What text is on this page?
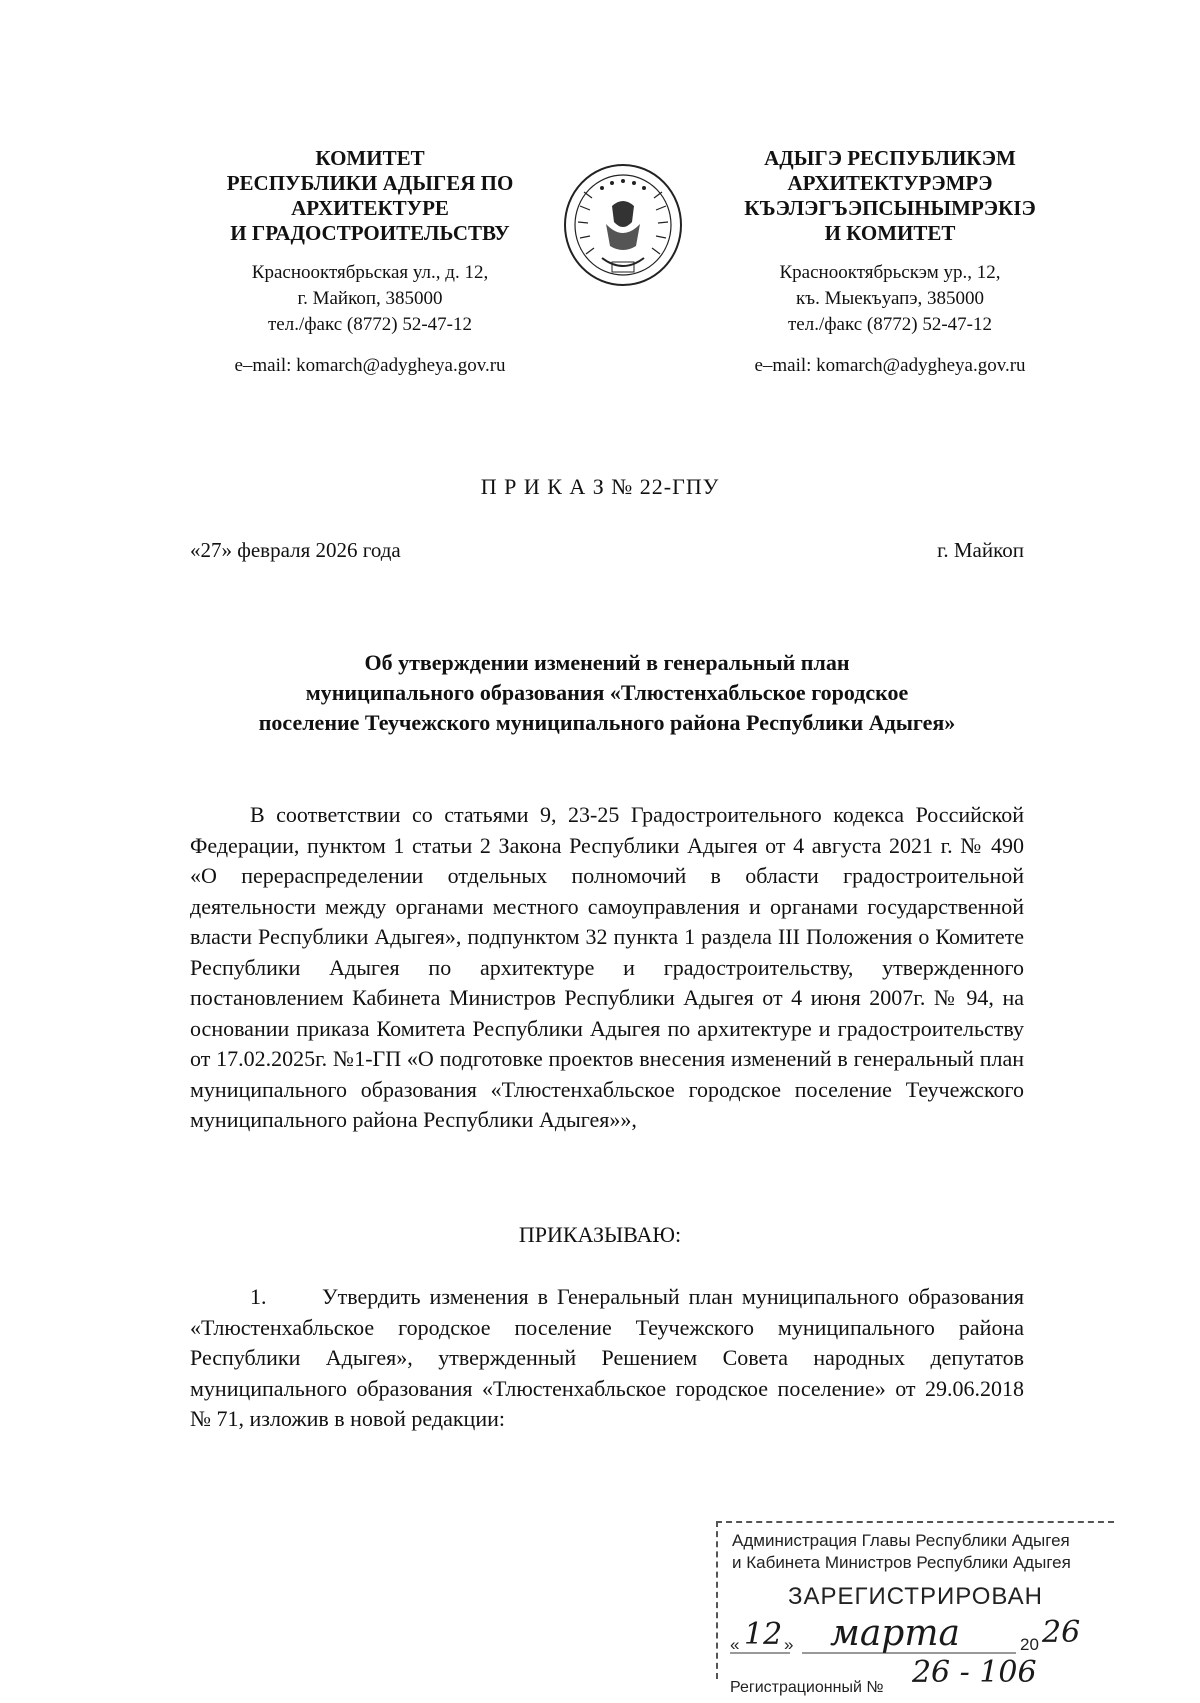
КОМИТЕТ
РЕСПУБЛИКИ АДЫГЕЯ ПО
АРХИТЕКТУРЕ
И ГРАДОСТРОИТЕЛЬСТВУ
Краснооктябрьская ул., д. 12,
г. Майкоп, 385000
тел./факс (8772) 52-47-12
e–mail: komarch@adygheya.gov.ru
АДЫГЭ РЕСПУБЛИКЭМ
АРХИТЕКТУРЭМРЭ
КЪЭЛЭГЪЭПСЫНЫМРЭКІЭ
И КОМИТЕТ
Краснооктябрьскэм ур., 12,
къ. Мыекъуапэ, 385000
тел./факс (8772) 52-47-12
e–mail: komarch@adygheya.gov.ru
П Р И К А З № 22-ГПУ
«27» февраля 2026 года	г. Майкоп
Об утверждении изменений в генеральный план
муниципального образования «Тлюстенхабльское городское
поселение Теучежского муниципального района Республики Адыгея»

В соответствии со статьями 9, 23-25 Градостроительного кодекса Российской Федерации, пунктом 1 статьи 2 Закона Республики Адыгея от 4 августа 2021 г. № 490 «О перераспределении отдельных полномочий в области градостроительной деятельности между органами местного самоуправления и органами государственной власти Республики Адыгея», подпунктом 32 пункта 1 раздела III Положения о Комитете Республики Адыгея по архитектуре и градостроительству, утвержденного постановлением Кабинета Министров Республики Адыгея от 4 июня 2007г. № 94, на основании приказа Комитета Республики Адыгея по архитектуре и градостроительству от 17.02.2025г. №1-ГП «О подготовке проектов внесения изменений в генеральный план муниципального образования «Тлюстенхабльское городское поселение Теучежского муниципального района Республики Адыгея»»,

ПРИКАЗЫВАЮ:
1.	Утвердить изменения в Генеральный план муниципального образования «Тлюстенхабльское городское поселение Теучежского муниципального района Республики Адыгея», утвержденный Решением Совета народных депутатов муниципального образования «Тлюстенхабльское городское поселение» от 29.06.2018 № 71, изложив в новой редакции:
Администрация Главы Республики Адыгея
и Кабинета Министров Республики Адыгея
ЗАРЕГИСТРИРОВАН
« 12 » марта	20 26
Регистрационный № 26 - 106
